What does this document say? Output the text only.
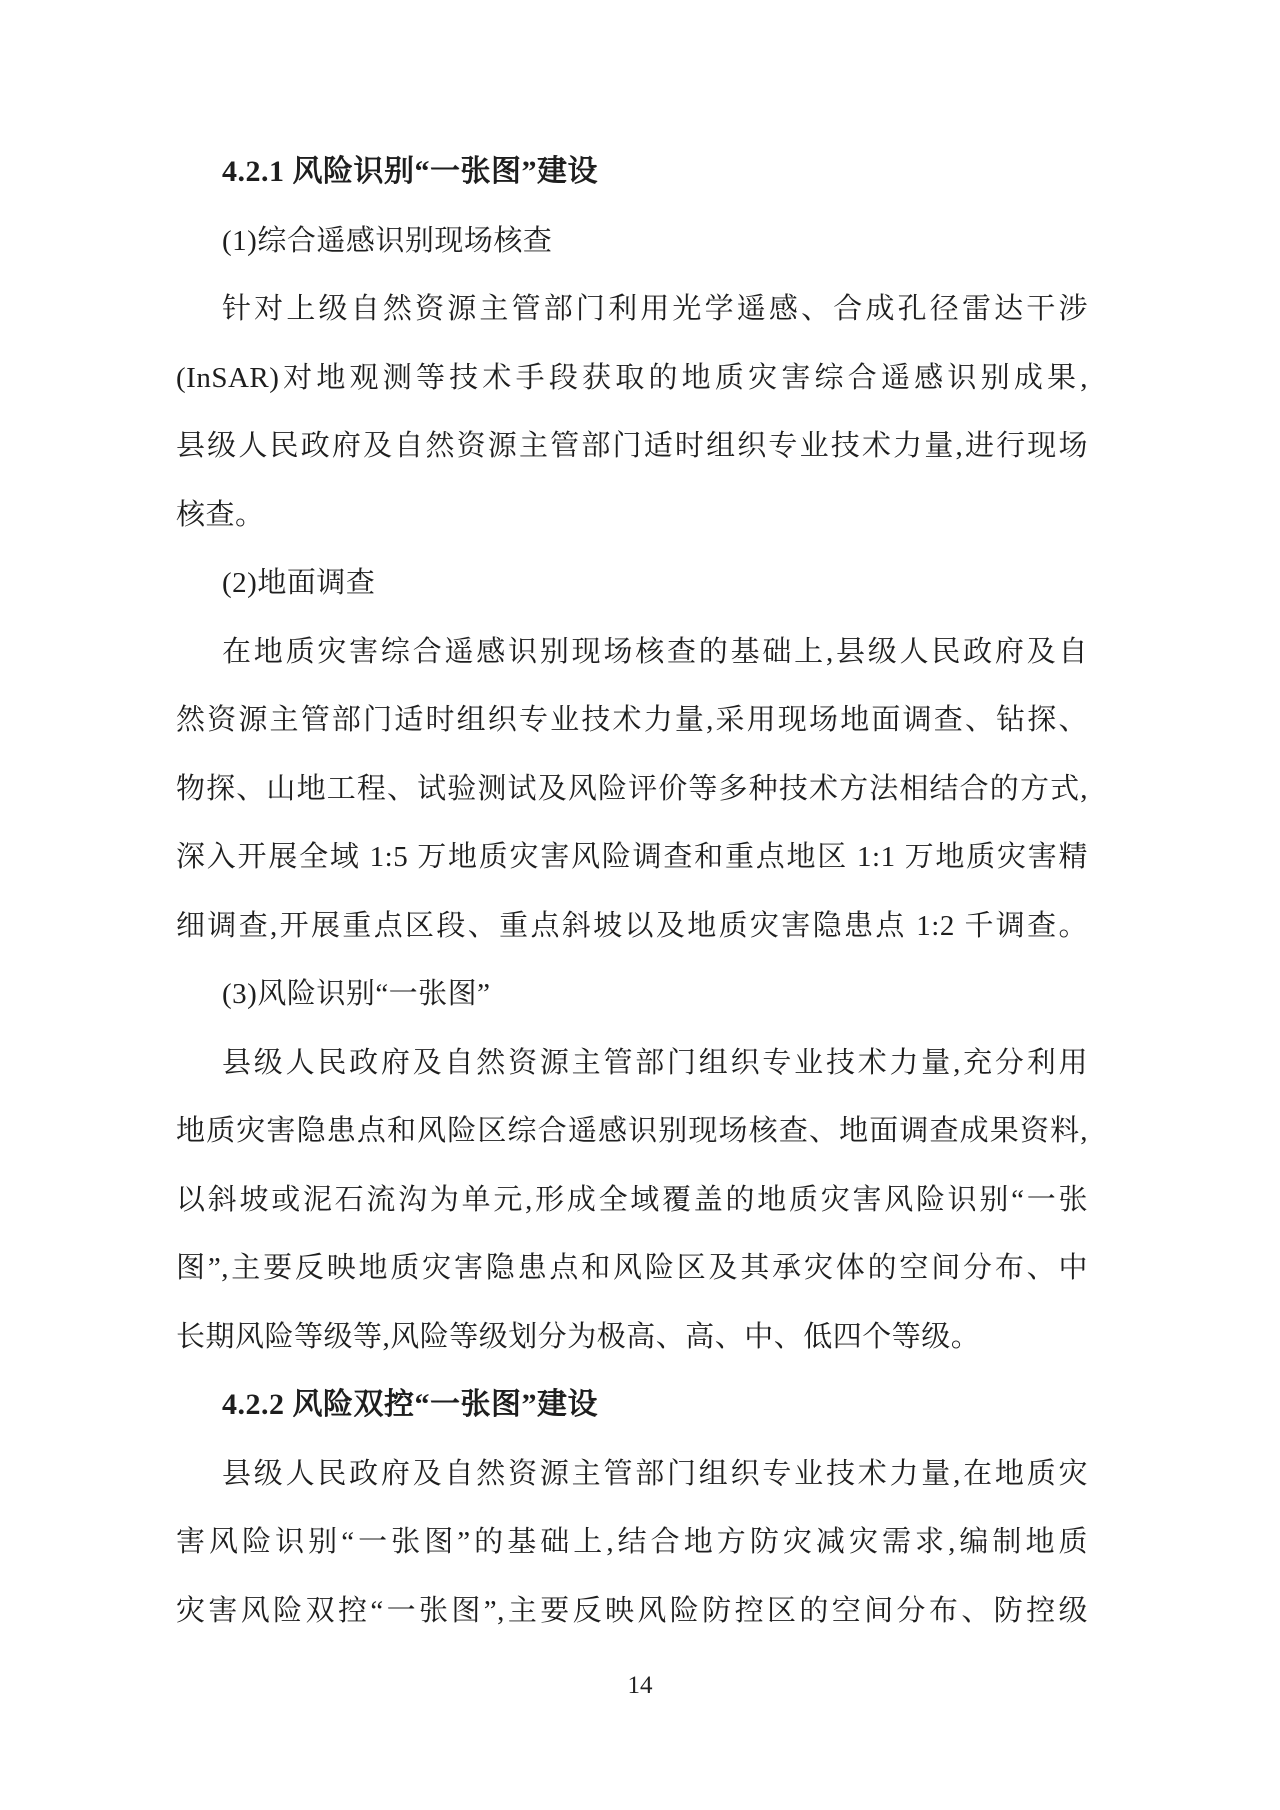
4.2.1 风险识别“一张图”建设
(1)综合遥感识别现场核查
针对上级自然资源主管部门利用光学遥感、合成孔径雷达干涉
(InSAR)对地观测等技术手段获取的地质灾害综合遥感识别成果,
县级人民政府及自然资源主管部门适时组织专业技术力量,进行现场
核查。
(2)地面调查
在地质灾害综合遥感识别现场核查的基础上,县级人民政府及自
然资源主管部门适时组织专业技术力量,采用现场地面调查、钻探、
物探、山地工程、试验测试及风险评价等多种技术方法相结合的方式,
深入开展全域 1:5 万地质灾害风险调查和重点地区 1:1 万地质灾害精
细调查,开展重点区段、重点斜坡以及地质灾害隐患点 1:2 千调查。
(3)风险识别“一张图”
县级人民政府及自然资源主管部门组织专业技术力量,充分利用
地质灾害隐患点和风险区综合遥感识别现场核查、地面调查成果资料,
以斜坡或泥石流沟为单元,形成全域覆盖的地质灾害风险识别“一张
图”,主要反映地质灾害隐患点和风险区及其承灾体的空间分布、中
长期风险等级等,风险等级划分为极高、高、中、低四个等级。
4.2.2 风险双控“一张图”建设
县级人民政府及自然资源主管部门组织专业技术力量,在地质灾
害风险识别“一张图”的基础上,结合地方防灾减灾需求,编制地质
灾害风险双控“一张图”,主要反映风险防控区的空间分布、防控级
14
